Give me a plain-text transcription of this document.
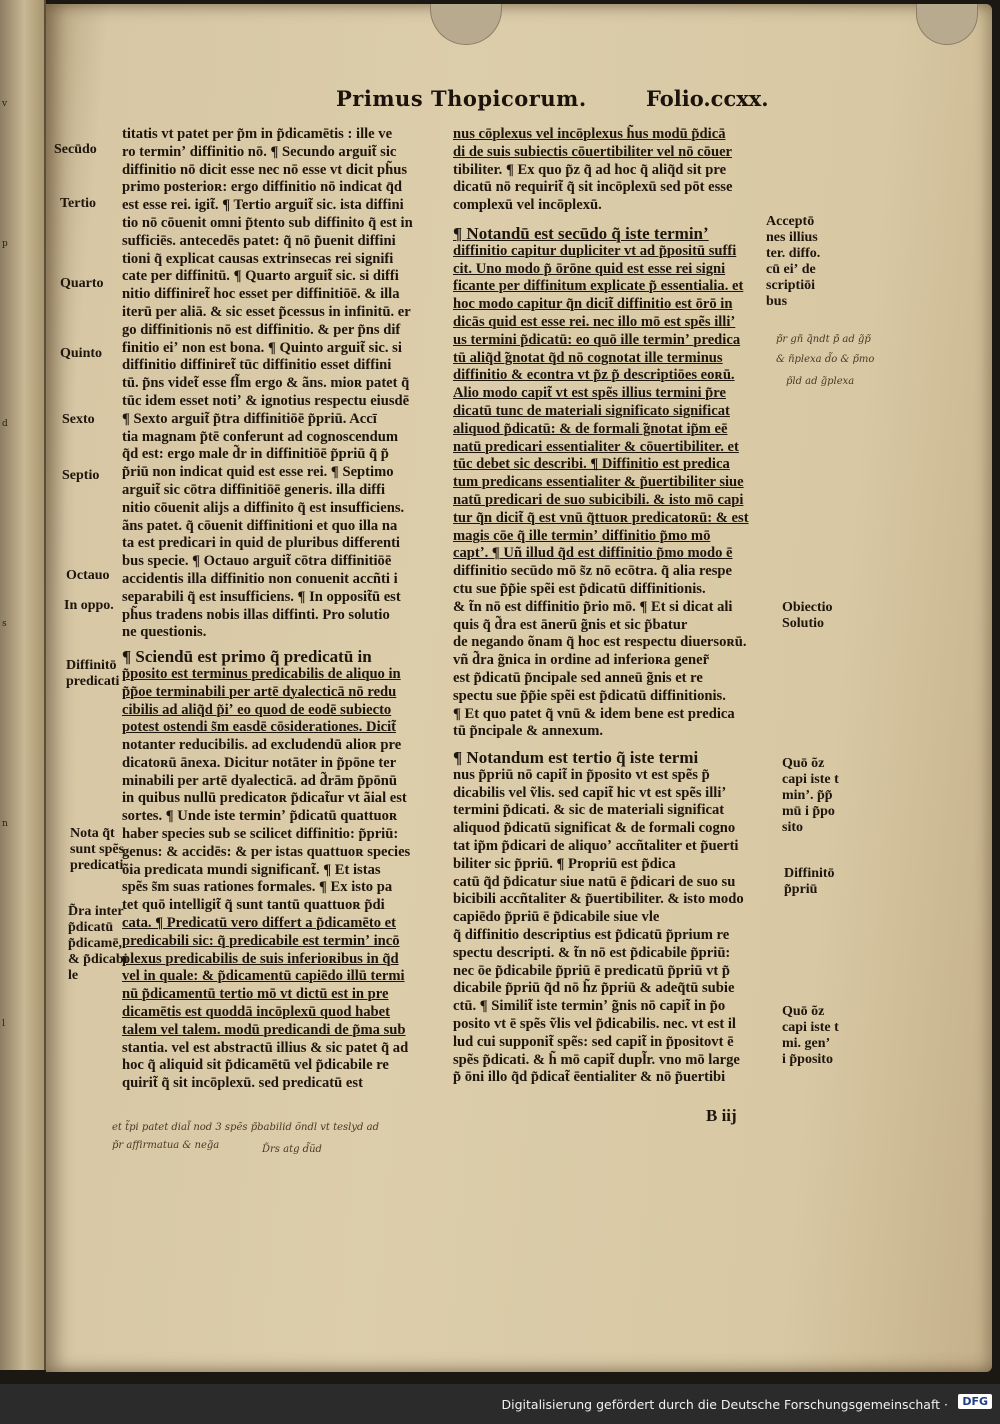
v
p
d
s
n
l
Primus Thopicorum.	Folio.ccxx.

titatis vt patet per p̃m in p̃dicamētis : ille ve

ro terminʼ diffinitio nō. ¶ Secundo arguit̃ sic

diffinitio nō dicit esse nec nō esse vt dicit ph̃us

primo posterioʀ: ergo diffinitio nō indicat q̄d

est esse rei. igit̃. ¶ Tertio arguit̃ sic. ista diffini

tio nō cōuenit omni p̃tento sub diffinito q̃ est in

sufficiēs. antecedēs patet: q̃ nō p̃uenit diffini

tioni q̃ explicat causas extrinsecas rei signifi

cate per diffinitū. ¶ Quarto arguit̃ sic. si diffi

nitio diffiniret̃ hoc esset per diffinitiōē. & illa

iterū per aliā. & sic esset p̃cessus in infinitū. er

go diffinitionis nō est diffinitio. & per p̃ns dif

finitio eiʼ non est bona. ¶ Quinto arguit̃ sic. si

diffinitio diffiniret̃ tūc diffinitio esset diffini

tū. p̃ns videt̃ esse fl̃m ergo & ãns. mioʀ patet q̃

tūc idem esset notiʼ & ignotius respectu eiusdē

¶ Sexto arguit̃ p̃tra diffinitiōē p̃priū. Accī

tia magnam p̃tē conferunt ad cognoscendum

q̃d est: ergo male d̃r in diffinitiōē p̃priū q̃ p̃

p̃riū non indicat quid est esse rei. ¶ Septimo

arguit̃ sic cōtra diffinitiōē generis. illa diffi

nitio cōuenit alijs a diffinito q̃ est insufficiens.

ãns patet. q̃ cōuenit diffinitioni et quo illa na

ta est predicari in quid de pluribus differenti

bus specie. ¶ Octauo arguit̃ cōtra diffinitiōē

accidentis illa diffinitio non conuenit accñti i

separabili q̃ est insufficiens. ¶ In opposit̃ū est

ph̃us tradens nobis illas diffinti. Pro solutio

ne questionis.

¶ Sciendū est primo q̃ predicatū in

p̃posito est terminus predicabilis de aliquo in

p̃p̃oe terminabili per artē dyalecticā nō redu

cibilis ad aliq̃d p̃iʼ eo quod de eodē subiecto

potest ostendi s̃m easdē cōsiderationes. Dicit̃

notanter reducibilis. ad excludendū alioʀ pre

dicatoʀū ānexa. Dicitur notāter in p̃pōne ter

minabili per artē dyalecticā. ad d̃rām p̃pōnū

in quibus nullū predicatoʀ p̃dicat̃ur vt ãial est

sortes. ¶ Unde iste terminʼ p̃dicatū quattuoʀ

haber species sub se scilicet diffinitio: p̃priū:

genus: & accidēs: & per istas quattuoʀ species

õia predicata mundi significant̃. ¶ Et istas

spẽs s̃m suas rationes formales. ¶ Ex isto pa

tet quō intelligit̃ q̃ sunt tantū quattuoʀ p̃di

cata. ¶ Predicatū vero differt a p̃dicamēto et

predicabili sic: q̃ predicabile est terminʼ incō

plexus predicabilis de suis inferioʀibus in q̃d

vel in quale: & p̃dicamentū capiēdo illū termi

nū p̃dicamentū tertio mō vt dictū est in pre

dicamētis est quoddā incōplexū quod habet

talem vel talem. modū predicandi de p̃ma sub

stantia. vel est abstractū illius & sic patet q̃ ad

hoc q̃ aliquid sit p̃dicamētū vel p̃dicabile re

quirit̃ q̃ sit incōplexū. sed predicatū est

nus cōplexus vel incōplexus h̃us modū p̃dicā

di de suis subiectis cōuertibiliter vel nō cōuer

tibiliter. ¶ Ex quo p̃z q̃ ad hoc q̃ aliq̃d sit pre

dicatū nō requirit̃ q̃ sit incōplexū sed pōt esse

complexū vel incōplexū.

¶ Notandū est secūdo q̃ iste terminʼ

diffinitio capitur dupliciter vt ad p̃positū suffi

cit. Uno modo p̃ ōrōne quid est esse rei signi

ficante per diffinitum explicate p̃ essentialia. et

hoc modo capitur q̃n dicit̃ diffinitio est ōrō in

dicās quid est esse rei. nec illo mō est spẽs illiʼ

us termini p̃dicatū: eo quō ille terminʼ predica

tū aliq̃d ̃gnotat q̃d nō cognotat ille terminus

diffinitio & econtra vt p̃z p̃ descriptiōes eoʀū.

Alio modo capit̃ vt est spẽs illius termini p̃re

dicatū tunc de materiali significato significat

aliquod p̃dicatū: & de formali ̃gnotat ip̃m eē

natū predicari essentialiter & cōuertibiliter. et

tūc debet sic describi. ¶ Diffinitio est predica

tum predicans essentialiter & p̃uertibiliter siue

natū predicari de suo subicibili. & isto mō capi

tur q̃n dicit̃ q̃ est vnū q̃ttuoʀ predicatoʀū: & est

magis cōe q̃ ille terminʼ diffinitio p̃mo mō

captʼ. ¶ Uñ illud q̃d est diffinitio p̃mo modo ē

diffinitio secūdo mō s̃z nō ecōtra. q̃ alia respe

ctu sue p̃p̃ie spẽi est p̃dicatū diffinitionis.

& t̃n nō est diffinitio p̃rio mō. ¶ Et si dicat ali

quis q̃ d̃ra est ānerū g̃nis et sic p̃batur

de negando õnam q̃ hoc est respectu diuersoʀū.

vñ d̃ra g̃nica in ordine ad inferioʀa gener̃

est p̃dicatū p̃ncipale sed anneū g̃nis et re

spectu sue p̃p̃ie spẽi est p̃dicatū diffinitionis.

¶ Et quo patet q̃ vnū & idem bene est predica

tū p̃ncipale & annexum.

¶ Notandum est tertio q̃ iste termi

nus p̃priū nō capit̃ in p̃posito vt est spẽs p̃

dicabilis vel ṽlis. sed capit̃ hic vt est spẽs illiʼ

termini p̃dicati. & sic de materiali significat

aliquod p̃dicatū significat & de formali cogno

tat ip̃m p̃dicari de aliquoʼ accñtaliter et p̃uerti

biliter sic p̃priū. ¶ Propriū est p̃dica

catū q̃d p̃dicatur siue natū ē p̃dicari de suo su

bicibili accñtaliter & p̃uertibiliter. & isto modo

capiēdo p̃priū ē p̃dicabile siue vle

q̃ diffinitio descriptius est p̃dicatū p̃prium re

spectu descripti. & t̃n nō est p̃dicabile p̃priū:

nec ōe p̃dicabile p̃priū ē predicatū p̃priū vt p̃

dicabile p̃priū q̃d nō h̃z p̃priū & adeq̃tū subie

ctū. ¶ Similit̃ iste terminʼ g̃nis nō capit̃ in p̃o

posito vt ē spẽs ṽlis vel p̃dicabilis. nec. vt est il

lud cui supponit̃ spẽs: sed capit̃ in p̃positovt ē

spẽs p̃dicati. & h̃ mō capit̃ dupl̃r. vno mō large

p̃ ōni illo q̃d p̃dicat̃ ēentialiter & nō p̃uertibi

Secūdo
Tertio
Quarto
Quinto
Sexto
Septio
Octauo
In oppo.
Diffinitō
predicati
Nota q̃t
sunt spẽs
predicati
D̃ra inter
p̃dicatū
p̃dicamē,
& p̃dicabi
le
Acceptō
nes illius
ter. diffo.
cū eiʼ de
scriptiōi
bus
Obiectio
Solutio
Quō õz
capi iste t
minʼ. p̃p̃
mū i p̃po
sito
Diffinitō
p̃priū
Quō õz
capi iste t
mi. genʼ
i p̃posito
p̃r gñ q̃ndt p̃ ad g̃p̃
& ñplexa d̃o & p̃mo
p̃ld ad g̃plexa
et t̃pi patet dial̃ nod 3 spẽs p̃babilid õndl vt teslyd ad
p̃r affirmatua & neg̃a	D̃rs atg d̃ũd
B iij
Digitalisierung gefördert durch die Deutsche Forschungsgemeinschaft ·	DFG
